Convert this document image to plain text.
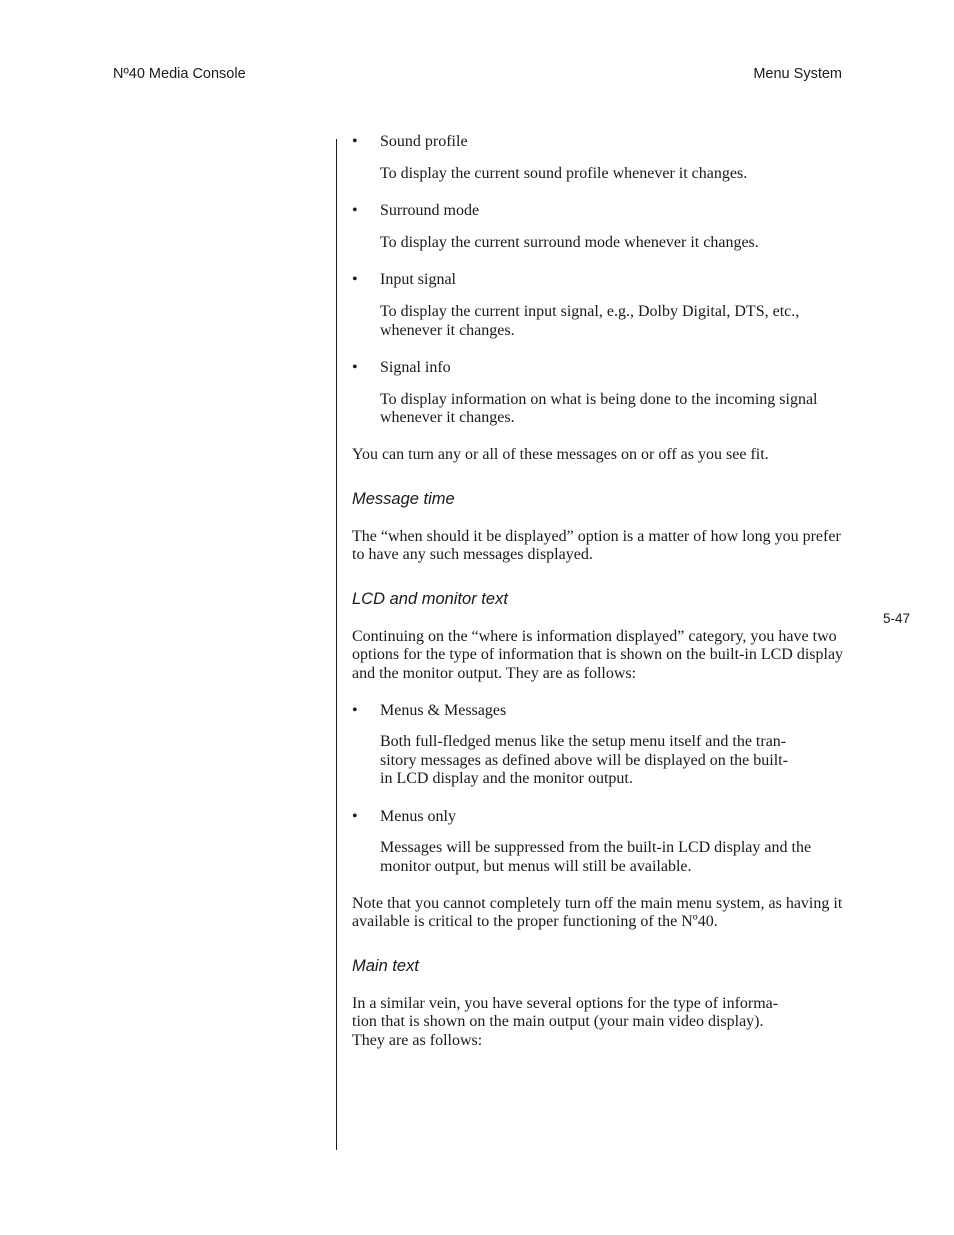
Nº40 Media Console	Menu System
5-47
• Sound profile
To display the current sound profile whenever it changes.
• Surround mode
To display the current surround mode whenever it changes.
• Input signal
To display the current input signal, e.g., Dolby Digital, DTS, etc., whenever it changes.
• Signal info
To display information on what is being done to the incoming signal whenever it changes.

You can turn any or all of these messages on or off as you see fit.

Message time

The “when should it be displayed” option is a matter of how long you prefer to have any such messages displayed.

LCD and monitor text

Continuing on the “where is information displayed” category, you have two options for the type of information that is shown on the built-in LCD display and the monitor output. They are as follows:

• Menus & Messages
Both full-fledged menus like the setup menu itself and the tran-
sitory messages as defined above will be displayed on the built-
in LCD display and the monitor output.
• Menus only
Messages will be suppressed from the built-in LCD display and the monitor output, but menus will still be available.

Note that you cannot completely turn off the main menu system, as having it available is critical to the proper functioning of the Nº40.

Main text

In a similar vein, you have several options for the type of informa-
tion that is shown on the main output (your main video display).
They are as follows:
